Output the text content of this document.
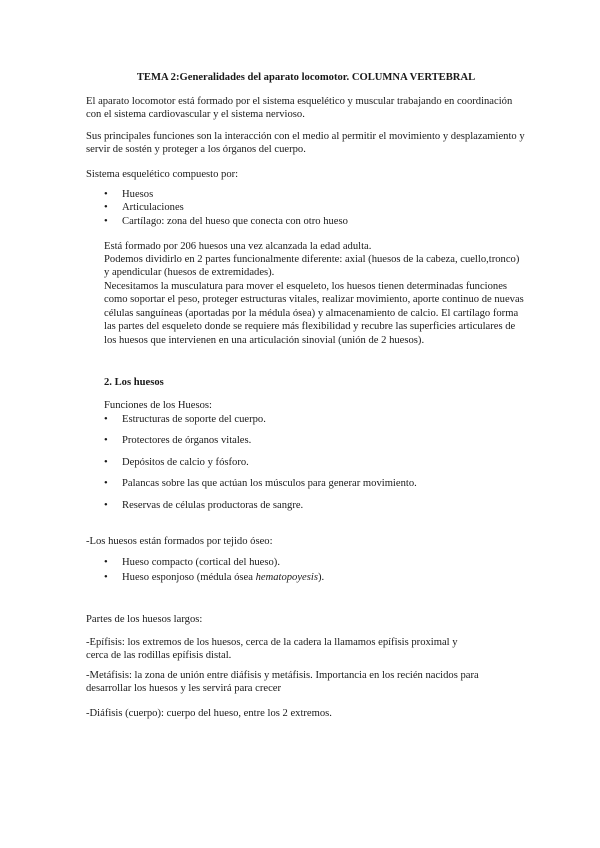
TEMA 2:Generalidades del aparato locomotor. COLUMNA VERTEBRAL

El aparato locomotor está formado por el sistema esquelético y muscular trabajando en coordinación con el sistema cardiovascular y el sistema nervioso.

Sus principales funciones son la interacción con el medio al permitir el movimiento y desplazamiento y servir de sostén y proteger a los órganos del cuerpo.

Sistema esquelético compuesto por:

• Huesos
• Articulaciones
• Cartílago: zona del hueso que conecta con otro hueso

Está formado por 206 huesos una vez alcanzada la edad adulta.

Podemos dividirlo en 2 partes funcionalmente diferente: axial (huesos de la cabeza, cuello,tronco) y apendicular (huesos de extremidades).

Necesitamos la musculatura para mover el esqueleto, los huesos tienen determinadas funciones como soportar el peso, proteger estructuras vitales, realizar movimiento, aporte continuo de nuevas células sanguíneas (aportadas por la médula ósea) y almacenamiento de calcio. El cartílago forma las partes del esqueleto donde se requiere más flexibilidad y recubre las superficies articulares de los huesos que intervienen en una articulación sinovial (unión de 2 huesos).

2. Los huesos

Funciones de los Huesos:

• Estructuras de soporte del cuerpo.
• Protectores de órganos vitales.
• Depósitos de calcio y fósforo.
• Palancas sobre las que actúan los músculos para generar movimiento.
• Reservas de células productoras de sangre.

-Los huesos están formados por tejido óseo:

• Hueso compacto (cortical del hueso).
• Hueso esponjoso (médula ósea hematopoyesis).

Partes de los huesos largos:

-Epífisis: los extremos de los huesos, cerca de la cadera la llamamos epífisis proximal y cerca de las rodillas epífisis distal.

-Metáfisis: la zona de unión entre diáfisis y metáfisis. Importancia en los recién nacidos para desarrollar los huesos y les servirá para crecer

-Diáfisis (cuerpo): cuerpo del hueso, entre los 2 extremos.
